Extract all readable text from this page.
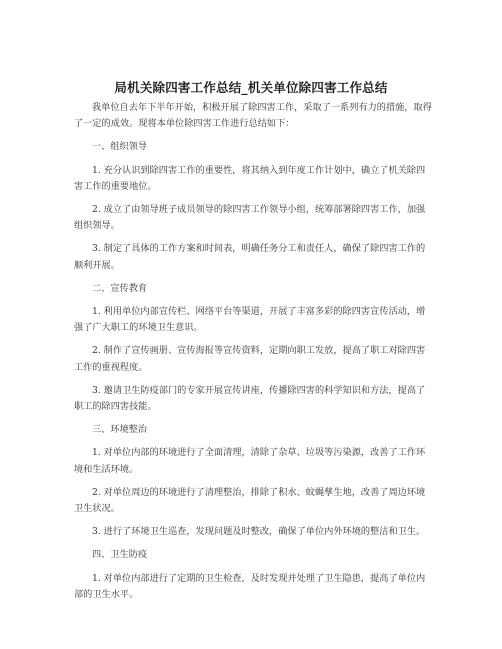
局机关除四害工作总结_机关单位除四害工作总结

我单位自去年下半年开始，积极开展了除四害工作，采取了一系列有力的措施，取得了一定的成效。现将本单位除四害工作进行总结如下：

一、组织领导

1. 充分认识到除四害工作的重要性，将其纳入到年度工作计划中，确立了机关除四害工作的重要地位。

2. 成立了由领导班子成员领导的除四害工作领导小组，统筹部署除四害工作，加强组织领导。

3. 制定了具体的工作方案和时间表，明确任务分工和责任人，确保了除四害工作的顺利开展。

二、宣传教育

1. 利用单位内部宣传栏、网络平台等渠道，开展了丰富多彩的除四害宣传活动，增强了广大职工的环境卫生意识。

2. 制作了宣传画册、宣传海报等宣传资料，定期向职工发放，提高了职工对除四害工作的重视程度。

3. 邀请卫生防疫部门的专家开展宣传讲座，传播除四害的科学知识和方法，提高了职工的除四害技能。

三、环境整治

1. 对单位内部的环境进行了全面清理，清除了杂草、垃圾等污染源，改善了工作环境和生活环境。

2. 对单位周边的环境进行了清理整治，排除了积水、蚊蝇孳生地，改善了周边环境卫生状况。

3. 进行了环境卫生巡查，发现问题及时整改，确保了单位内外环境的整洁和卫生。

四、卫生防疫

1. 对单位内部进行了定期的卫生检查，及时发现并处理了卫生隐患，提高了单位内部的卫生水平。
